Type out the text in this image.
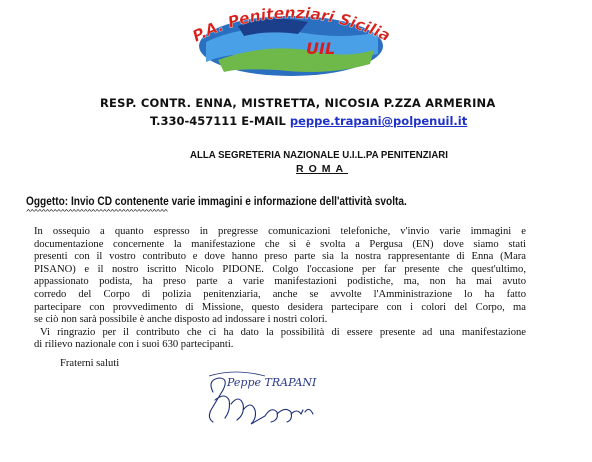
UIL
P.A. Penitenziari Sicilia
RESP. CONTR. ENNA, MISTRETTA, NICOSIA P.ZZA ARMERINA
T.330-457111 E-MAIL peppe.trapani@polpenuil.it
ALLA SEGRETERIA NAZIONALE U.I.L.PA PENITENZIARI
ROMA
Oggetto: Invio CD contenente varie immagini e informazione dell'attività svolta.
^^^^^^^^^^^^^^^^^^^^^^^^^^^^^^^^^^^^^
In ossequio a quanto espresso in pregresse comunicazioni telefoniche, v'invio varie immagini e
documentazione concernente la manifestazione che si è svolta a Pergusa (EN) dove siamo stati
presenti con il vostro contributo e dove hanno preso parte sia la nostra rappresentante di Enna (Mara
PISANO) e il nostro iscritto Nicolo PIDONE. Colgo l'occasione per far presente che quest'ultimo,
appassionato podista, ha preso parte a varie manifestazioni podistiche, ma, non ha mai avuto
corredo del Corpo di polizia penitenziaria, anche se avvolte l'Amministrazione lo ha fatto
partecipare con provvedimento di Missione, questo desidera partecipare con i colori del Corpo, ma
se ciò non sarà possibile è anche disposto ad indossare i nostri colori.
Vi ringrazio per il contributo che ci ha dato la possibilità di essere presente ad una manifestazione
di rilievo nazionale con i suoi 630 partecipanti.
Fraterni saluti
Peppe TRAPANI
